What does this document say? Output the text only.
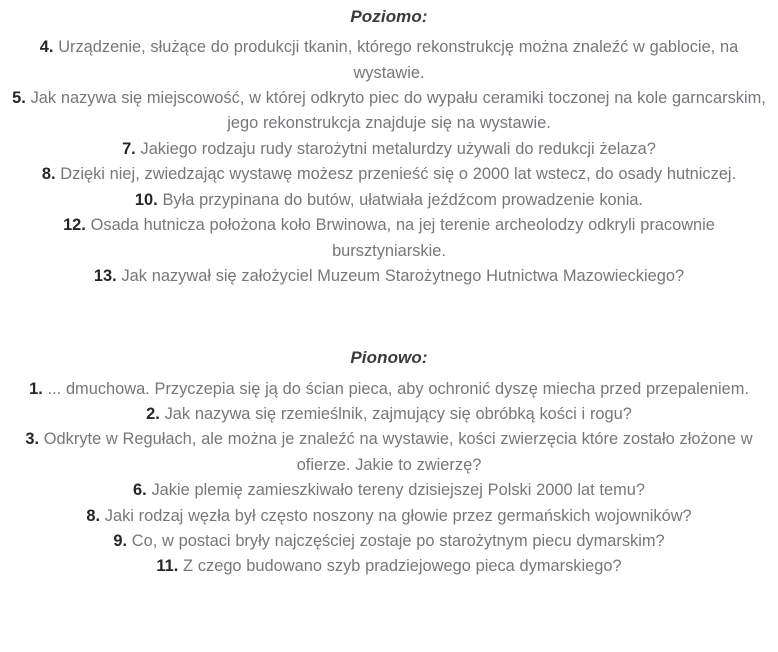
Poziomo:
4. Urządzenie, służące do produkcji tkanin, którego rekonstrukcję można znaleźć w gablocie, na wystawie.
5. Jak nazywa się miejscowość, w której odkryto piec do wypału ceramiki toczonej na kole garncarskim, jego rekonstrukcja znajduje się na wystawie.
7. Jakiego rodzaju rudy starożytni metalurdzy używali do redukcji żelaza?
8. Dzięki niej, zwiedzając wystawę możesz przenieść się o 2000 lat wstecz, do osady hutniczej.
10. Była przypinana do butów, ułatwiała jeźdźcom prowadzenie konia.
12. Osada hutnicza położona koło Brwinowa, na jej terenie archeolodzy odkryli pracownie bursztyniarskie.
13. Jak nazywał się założyciel Muzeum Starożytnego Hutnictwa Mazowieckiego?
Pionowo:
1. ... dmuchowa. Przyczepia się ją do ścian pieca, aby ochronić dyszę miecha przed przepaleniem.
2. Jak nazywa się rzemieślnik, zajmujący się obróbką kości i rogu?
3. Odkryte w Regułach, ale można je znaleźć na wystawie, kości zwierzęcia które zostało złożone w ofierze. Jakie to zwierzę?
6. Jakie plemię zamieszkiwało tereny dzisiejszej Polski 2000 lat temu?
8. Jaki rodzaj węzła był często noszony na głowie przez germańskich wojowników?
9. Co, w postaci bryły najczęściej zostaje po starożytnym piecu dymarskim?
11. Z czego budowano szyb pradziejowego pieca dymarskiego?
